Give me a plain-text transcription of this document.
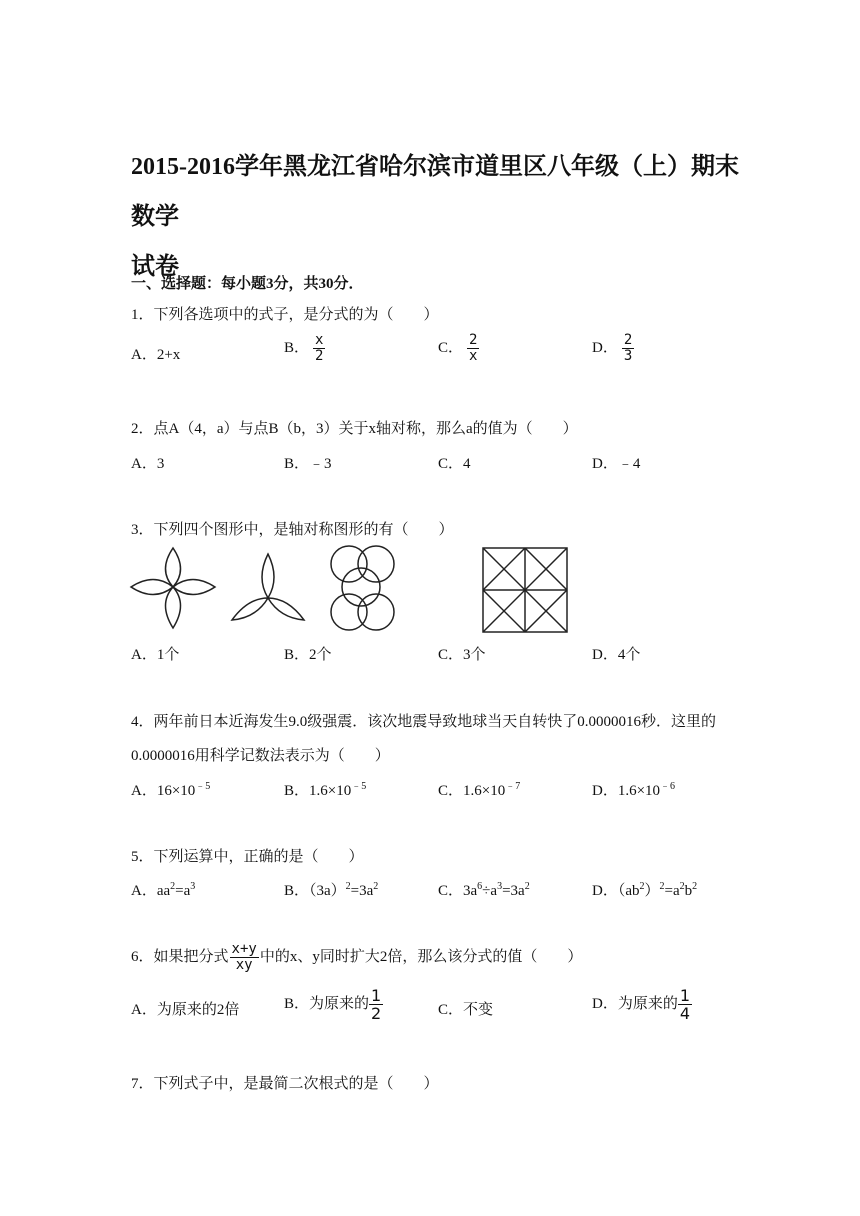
2015-2016学年黑龙江省哈尔滨市道里区八年级（上）期末数学
试卷
一、选择题：每小题3分，共30分．
1．下列各选项中的式子，是分式的为（　　）
A．2+x	B． $\frac{x}{2}$	C． $\frac{2}{x}$	D． $\frac{2}{3}$
2．点A（4，a）与点B（b，3）关于x轴对称，那么a的值为（　　）
A．3	B．﹣3	C．4	D．﹣4
3．下列四个图形中，是轴对称图形的有（　　）
A．1个	B．2个	C．3个	D．4个
4．两年前日本近海发生9.0级强震．该次地震导致地球当天自转快了0.0000016秒．这里的
0.0000016用科学记数法表示为（　　）
A．$16\times 10^{﹣5}$	B．$1.6\times 10^{﹣5}$	C．$1.6\times 10^{﹣7}$	D．$1.6\times 10^{﹣6}$
5．下列运算中，正确的是（　　）
A．$aa^2=a^3$	B．$(3a)^2=3a^2$	C．$3a^6\div a^3=3a^2$	D．$(ab^2)^2=a^2b^2$
6．如果把分式 $\frac{x+y}{xy}$ 中的x、y同时扩大2倍，那么该分式的值（　　）
A．为原来的2倍	B．为原来的 $\frac{1}{2}$	C．不变	D．为原来的 $\frac{1}{4}$
7．下列式子中，是最简二次根式的是（　　）
